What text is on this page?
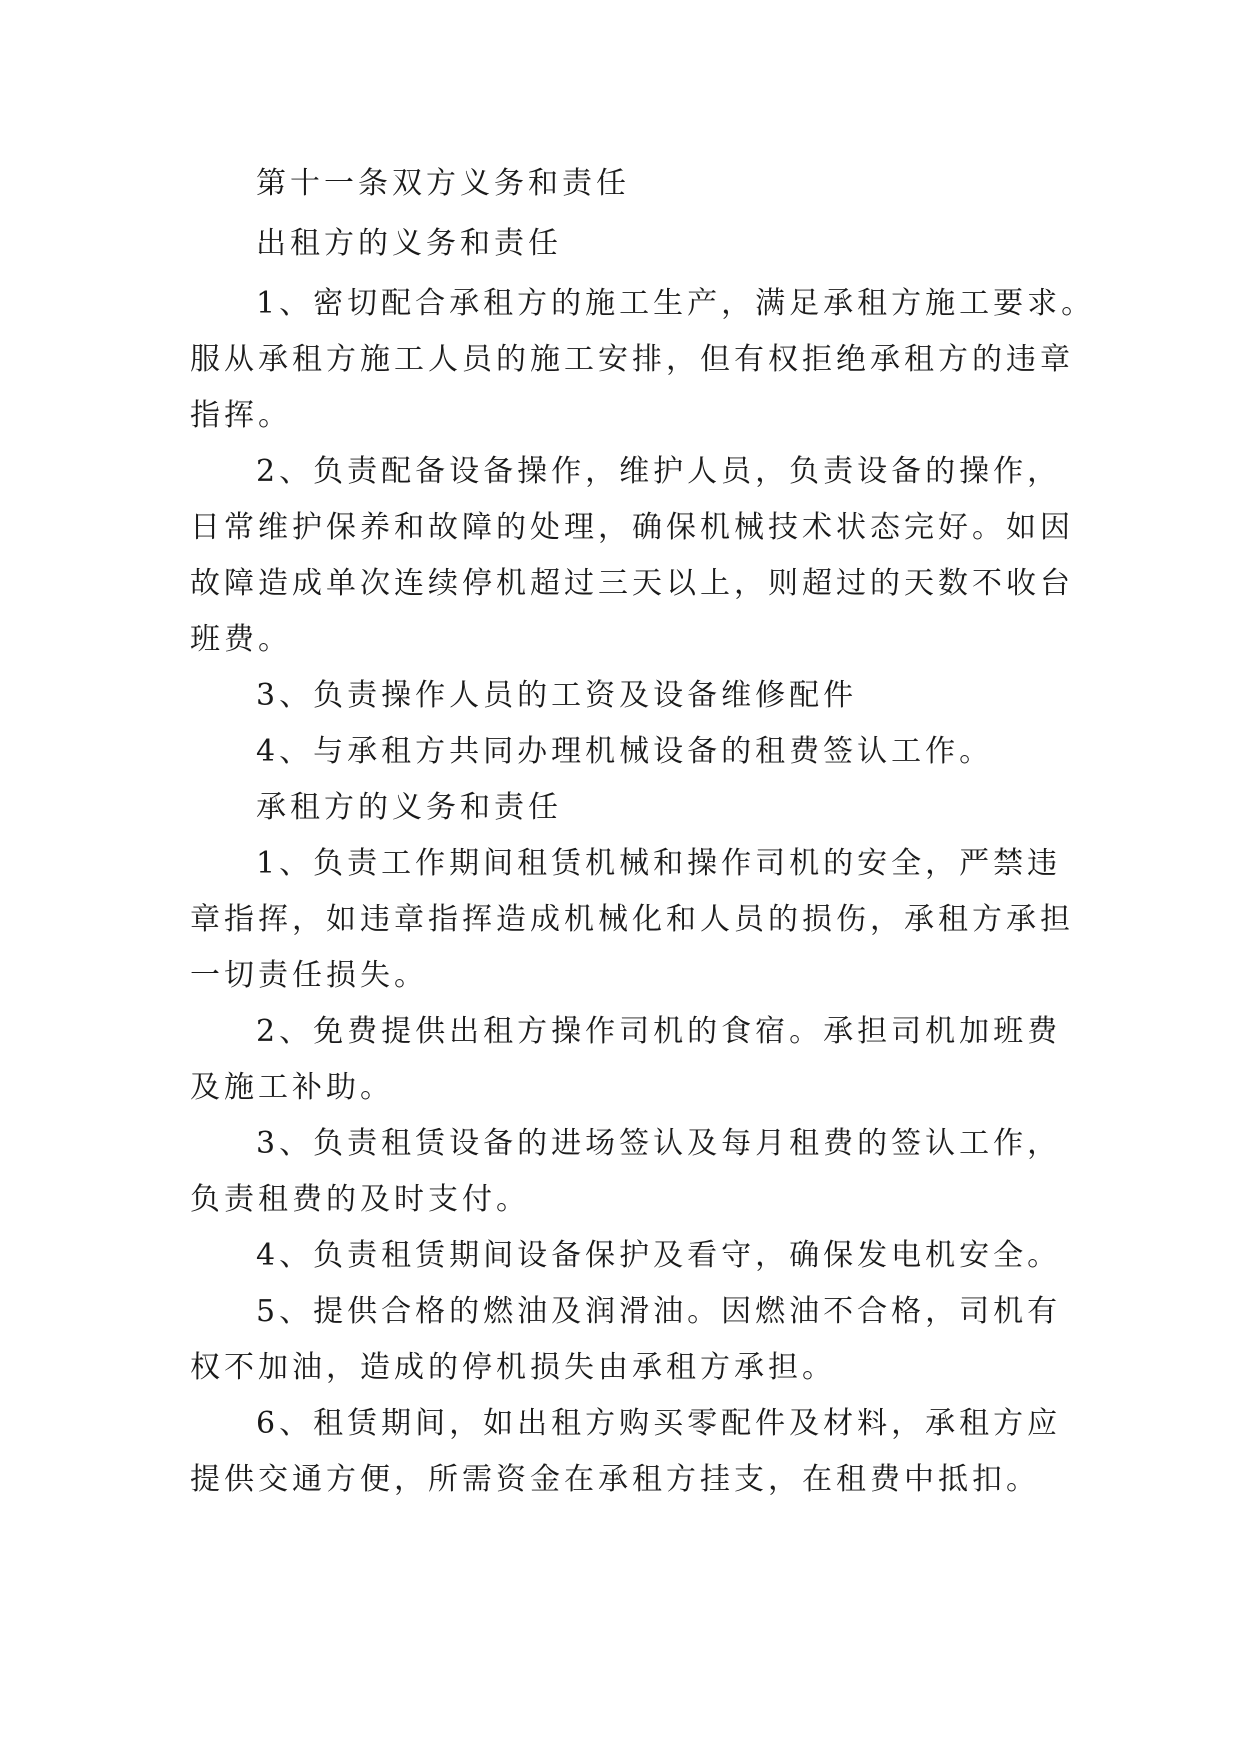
第十一条双方义务和责任
出租方的义务和责任
1、密切配合承租方的施工生产，满足承租方施工要求。
服从承租方施工人员的施工安排，但有权拒绝承租方的违章
指挥。
2、负责配备设备操作，维护人员，负责设备的操作，
日常维护保养和故障的处理，确保机械技术状态完好。如因
故障造成单次连续停机超过三天以上，则超过的天数不收台
班费。
3、负责操作人员的工资及设备维修配件
4、与承租方共同办理机械设备的租费签认工作。
承租方的义务和责任
1、负责工作期间租赁机械和操作司机的安全，严禁违
章指挥，如违章指挥造成机械化和人员的损伤，承租方承担
一切责任损失。
2、免费提供出租方操作司机的食宿。承担司机加班费
及施工补助。
3、负责租赁设备的进场签认及每月租费的签认工作，
负责租费的及时支付。
4、负责租赁期间设备保护及看守，确保发电机安全。
5、提供合格的燃油及润滑油。因燃油不合格，司机有
权不加油，造成的停机损失由承租方承担。
6、租赁期间，如出租方购买零配件及材料，承租方应
提供交通方便，所需资金在承租方挂支，在租费中抵扣。
